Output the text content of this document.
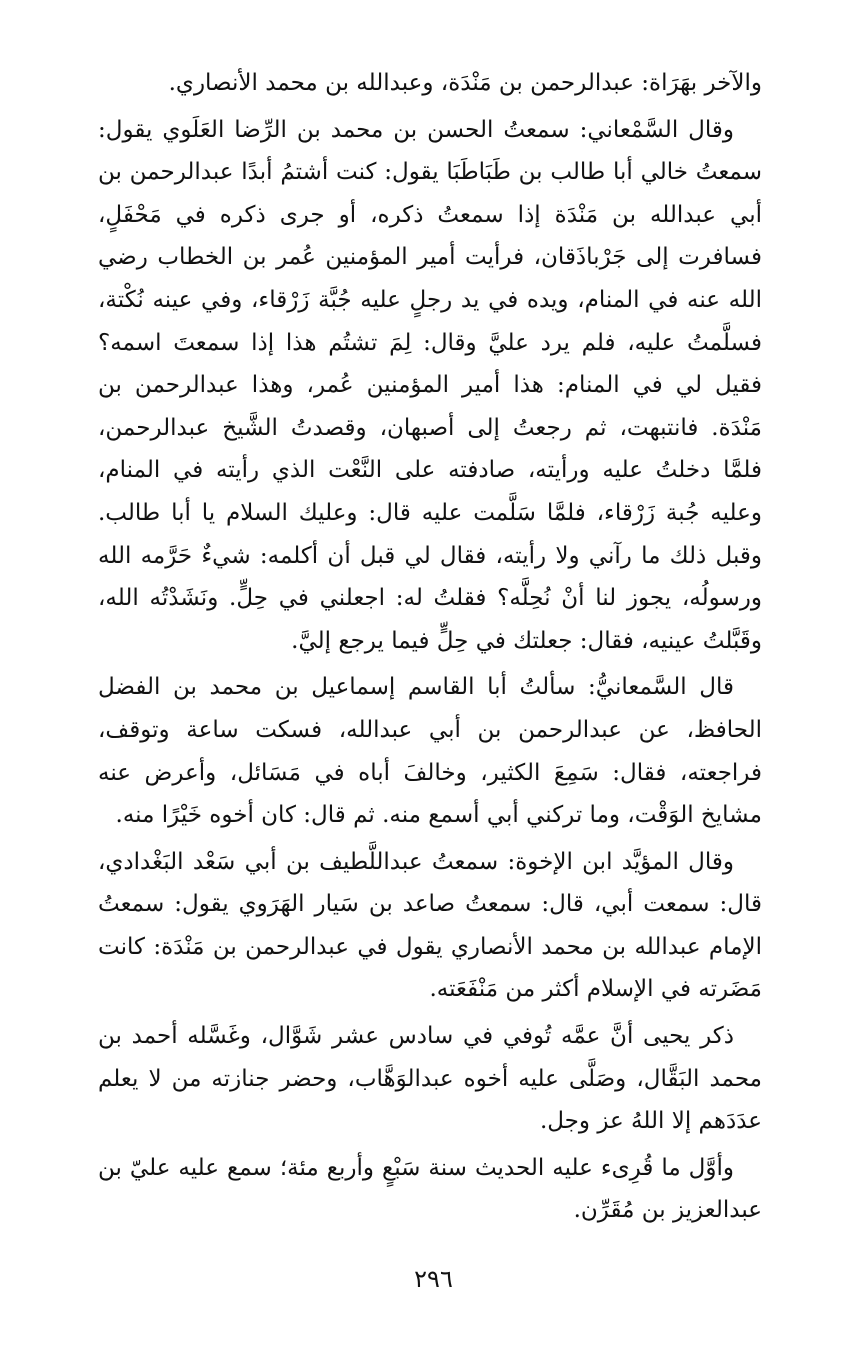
والآخر بهَرَاة: عبدالرحمن بن مَنْدَة، وعبدالله بن محمد الأنصاري.

وقال السَّمْعاني: سمعتُ الحسن بن محمد بن الرِّضا العَلَوي يقول: سمعتُ خالي أبا طالب بن طَبَاطَبَا يقول: كنت أشتمُ أبدًا عبدالرحمن بن أبي عبدالله بن مَنْدَة إذا سمعتُ ذكره، أو جرى ذكره في مَحْفَلٍ، فسافرت إلى جَرْباذَقان، فرأيت أمير المؤمنين عُمر بن الخطاب رضي الله عنه في المنام، ويده في يد رجلٍ عليه جُبَّة زَرْقاء، وفي عينه نُكْتة، فسلَّمتُ عليه، فلم يرد عليَّ وقال: لِمَ تشتُم هذا إذا سمعتَ اسمه؟ فقيل لي في المنام: هذا أمير المؤمنين عُمر، وهذا عبدالرحمن بن مَنْدَة. فانتبهت، ثم رجعتُ إلى أصبهان، وقصدتُ الشَّيخ عبدالرحمن، فلمَّا دخلتُ عليه ورأيته، صادفته على النَّعْت الذي رأيته في المنام، وعليه جُبة زَرْقاء، فلمَّا سَلَّمت عليه قال: وعليك السلام يا أبا طالب. وقبل ذلك ما رآني ولا رأيته، فقال لي قبل أن أكلمه: شيءٌ حَرَّمه الله ورسولُه، يجوز لنا أنْ نُحِلَّه؟ فقلتُ له: اجعلني في حِلٍّ. ونَشَدْتُه الله، وقَبَّلتُ عينيه، فقال: جعلتك في حِلٍّ فيما يرجع إليَّ.

قال السَّمعانيُّ: سألتُ أبا القاسم إسماعيل بن محمد بن الفضل الحافظ، عن عبدالرحمن بن أبي عبدالله، فسكت ساعة وتوقف، فراجعته، فقال: سَمِعَ الكثير، وخالفَ أباه في مَسَائل، وأعرض عنه مشايخ الوَقْت، وما تركني أبي أسمع منه. ثم قال: كان أخوه خَيْرًا منه.

وقال المؤيَّد ابن الإخوة: سمعتُ عبداللَّطيف بن أبي سَعْد البَغْدادي، قال: سمعت أبي، قال: سمعتُ صاعد بن سَيار الهَرَوي يقول: سمعتُ الإمام عبدالله بن محمد الأنصاري يقول في عبدالرحمن بن مَنْدَة: كانت مَضَرته في الإسلام أكثر من مَنْفَعَته.

ذكر يحيى أنَّ عمَّه تُوفي في سادس عشر شَوَّال، وغَسَّله أحمد بن محمد البَقَّال، وصَلَّى عليه أخوه عبدالوَهَّاب، وحضر جنازته من لا يعلم عدَدَهم إلا اللهُ عز وجل.

وأوَّل ما قُرِىء عليه الحديث سنة سَبْعٍ وأربع مئة؛ سمع عليه عليّ بن عبدالعزيز بن مُقَرِّن.

٢٩٦
